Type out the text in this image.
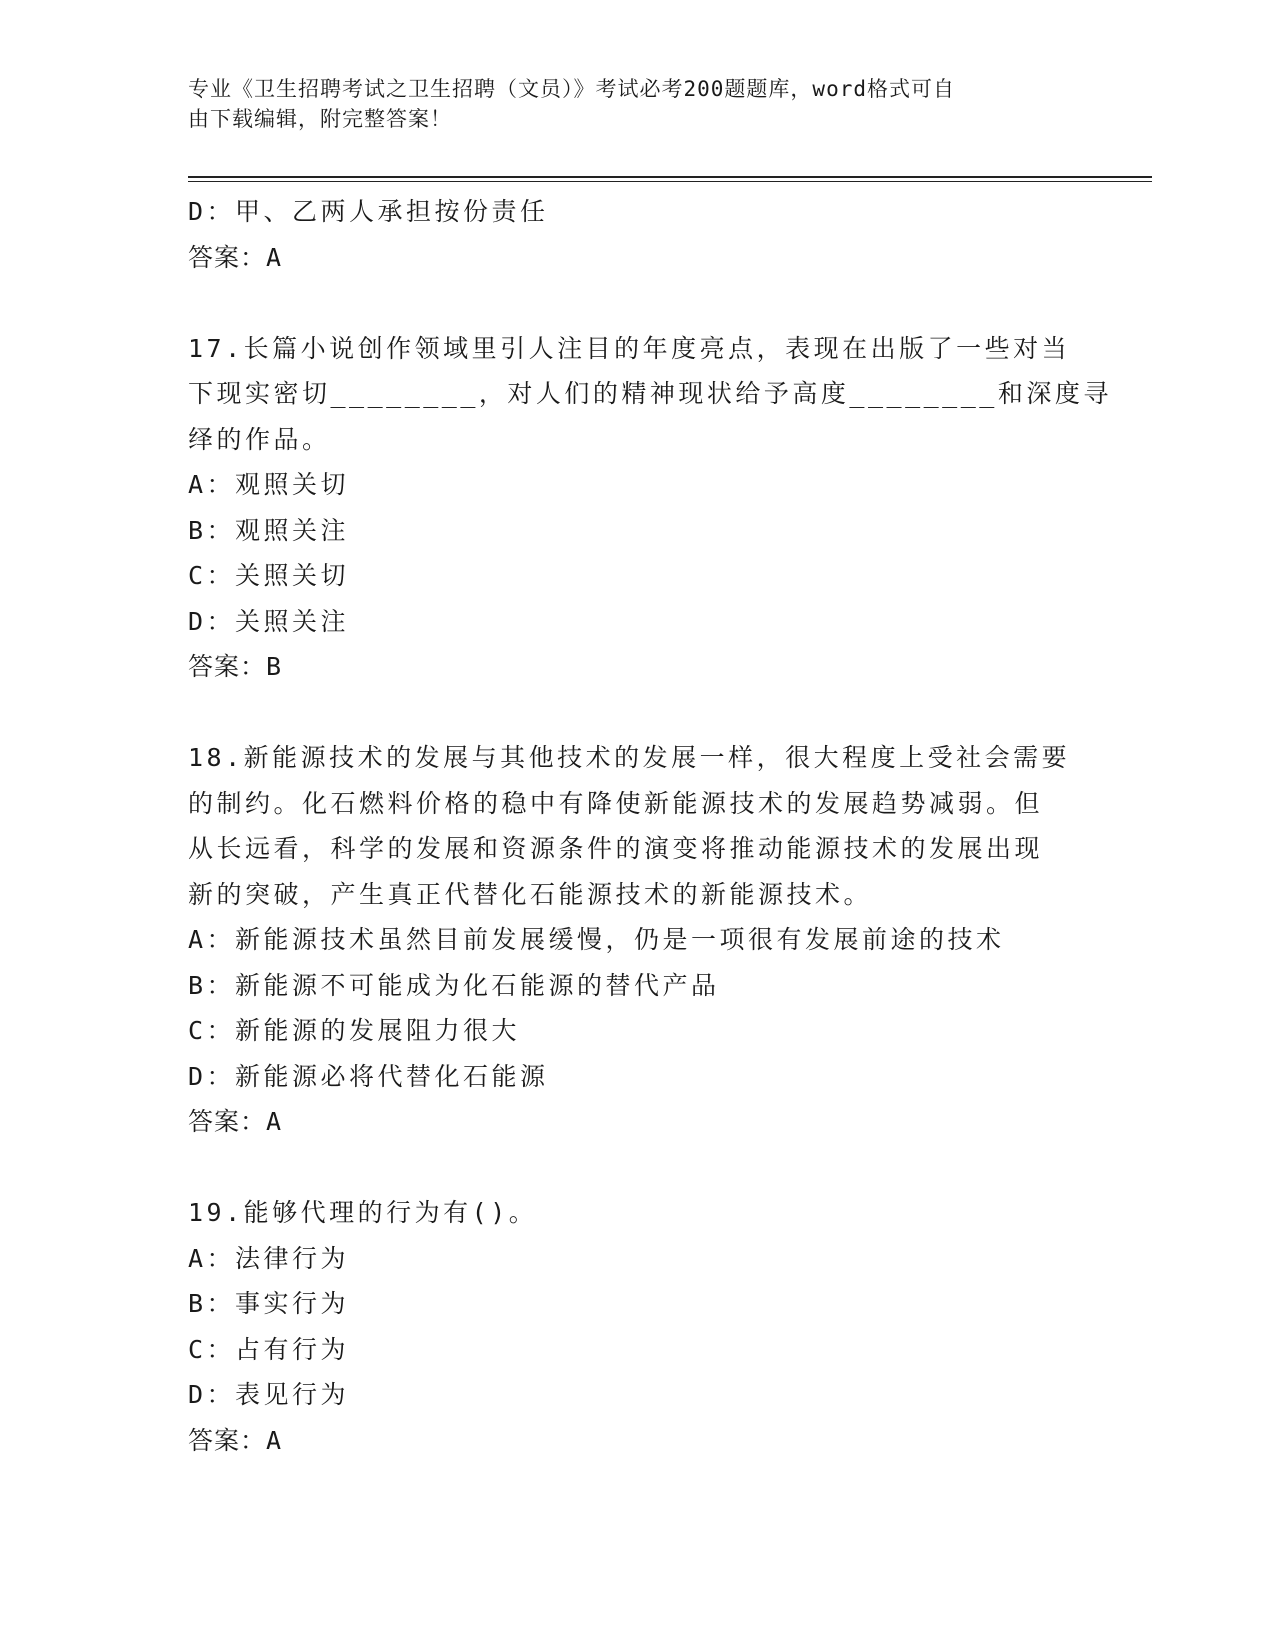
专业《卫生招聘考试之卫生招聘（文员）》考试必考200题题库，word格式可自
由下载编辑，附完整答案！
D：甲、乙两人承担按份责任
答案：A
17.长篇小说创作领域里引人注目的年度亮点，表现在出版了一些对当
下现实密切________，对人们的精神现状给予高度________和深度寻
绎的作品。
A：观照关切
B：观照关注
C：关照关切
D：关照关注
答案：B
18.新能源技术的发展与其他技术的发展一样，很大程度上受社会需要
的制约。化石燃料价格的稳中有降使新能源技术的发展趋势减弱。但
从长远看，科学的发展和资源条件的演变将推动能源技术的发展出现
新的突破，产生真正代替化石能源技术的新能源技术。
A：新能源技术虽然目前发展缓慢，仍是一项很有发展前途的技术
B：新能源不可能成为化石能源的替代产品
C：新能源的发展阻力很大
D：新能源必将代替化石能源
答案：A
19.能够代理的行为有()。
A：法律行为
B：事实行为
C：占有行为
D：表见行为
答案：A
